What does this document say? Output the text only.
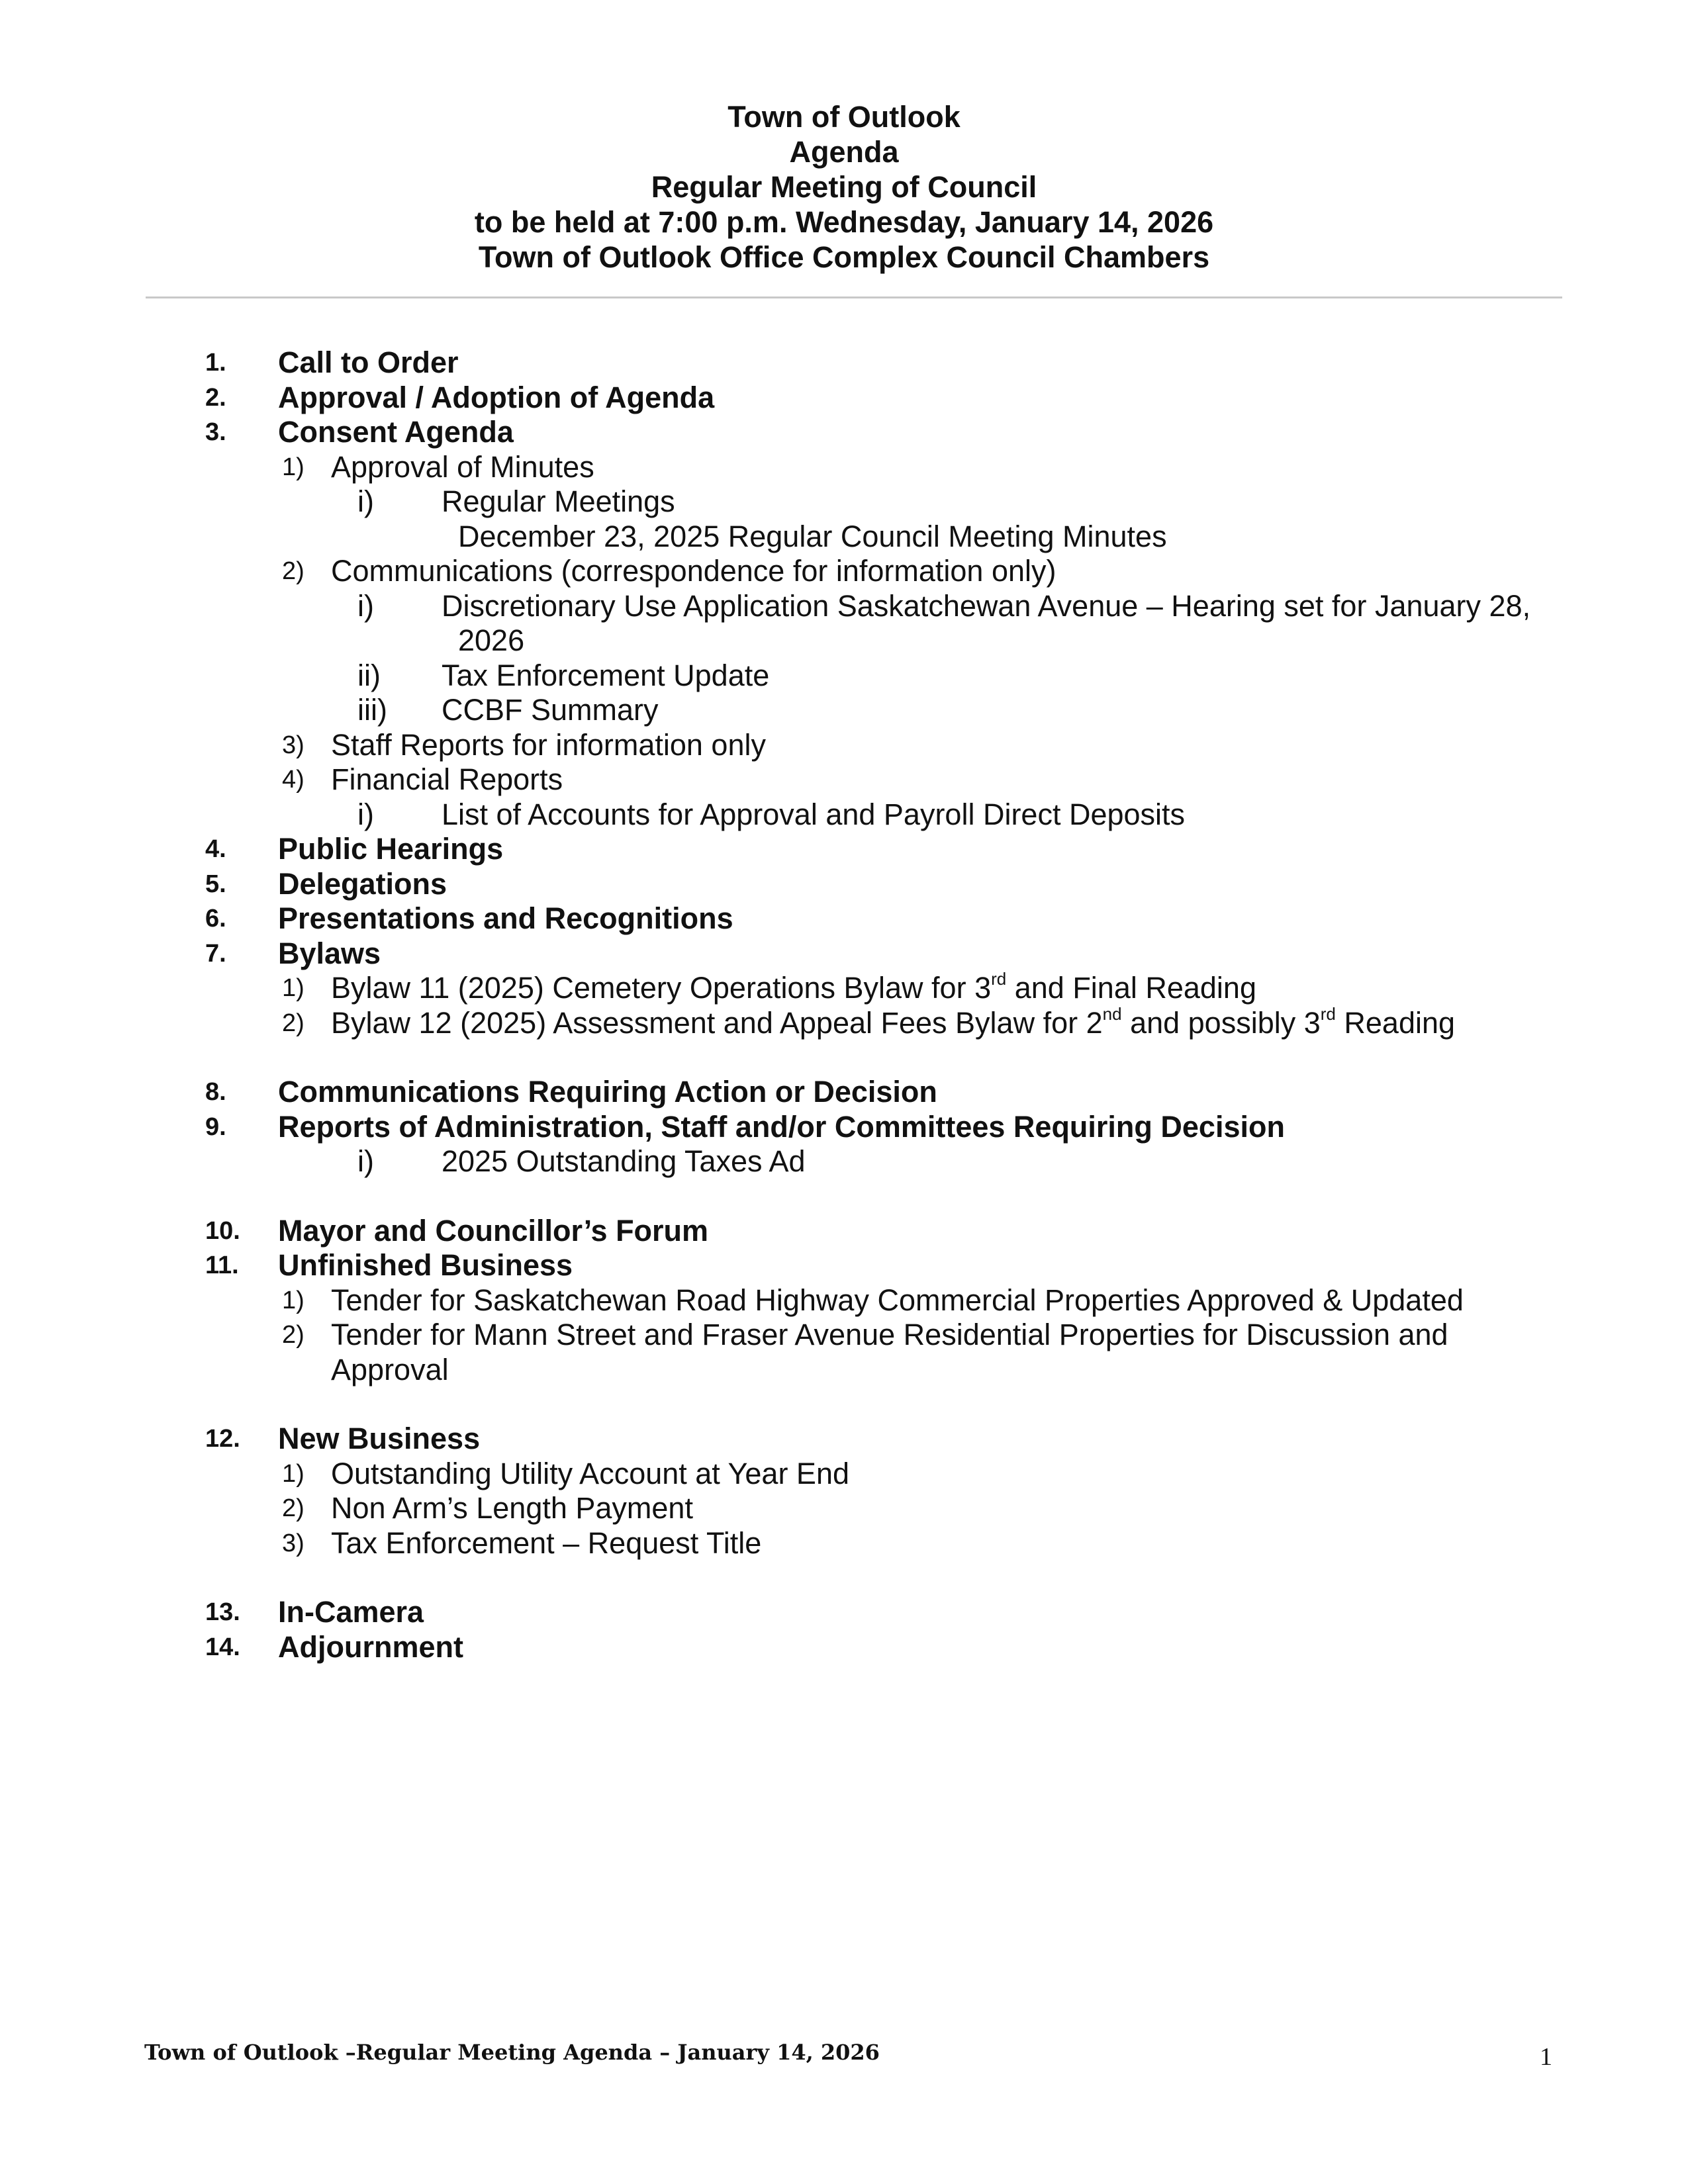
Town of Outlook
Agenda
Regular Meeting of Council
to be held at 7:00 p.m. Wednesday, January 14, 2026
Town of Outlook Office Complex Council Chambers
1. Call to Order
2. Approval / Adoption of Agenda
3. Consent Agenda
1) Approval of Minutes
i) Regular Meetings
December 23, 2025 Regular Council Meeting Minutes
2) Communications (correspondence for information only)
i) Discretionary Use Application Saskatchewan Avenue – Hearing set for January 28,
2026
ii) Tax Enforcement Update
iii) CCBF Summary
3) Staff Reports for information only
4) Financial Reports
i) List of Accounts for Approval and Payroll Direct Deposits
4. Public Hearings
5. Delegations
6. Presentations and Recognitions
7. Bylaws
1) Bylaw 11 (2025) Cemetery Operations Bylaw for 3rd and Final Reading
2) Bylaw 12 (2025) Assessment and Appeal Fees Bylaw for 2nd and possibly 3rd Reading
8. Communications Requiring Action or Decision
9. Reports of Administration, Staff and/or Committees Requiring Decision
i) 2025 Outstanding Taxes Ad
10. Mayor and Councillor’s Forum
11. Unfinished Business
1) Tender for Saskatchewan Road Highway Commercial Properties Approved & Updated
2) Tender for Mann Street and Fraser Avenue Residential Properties for Discussion and
Approval
12. New Business
1) Outstanding Utility Account at Year End
2) Non Arm’s Length Payment
3) Tax Enforcement – Request Title
13. In-Camera
14. Adjournment
Town of Outlook –Regular Meeting Agenda – January 14, 2026	1
